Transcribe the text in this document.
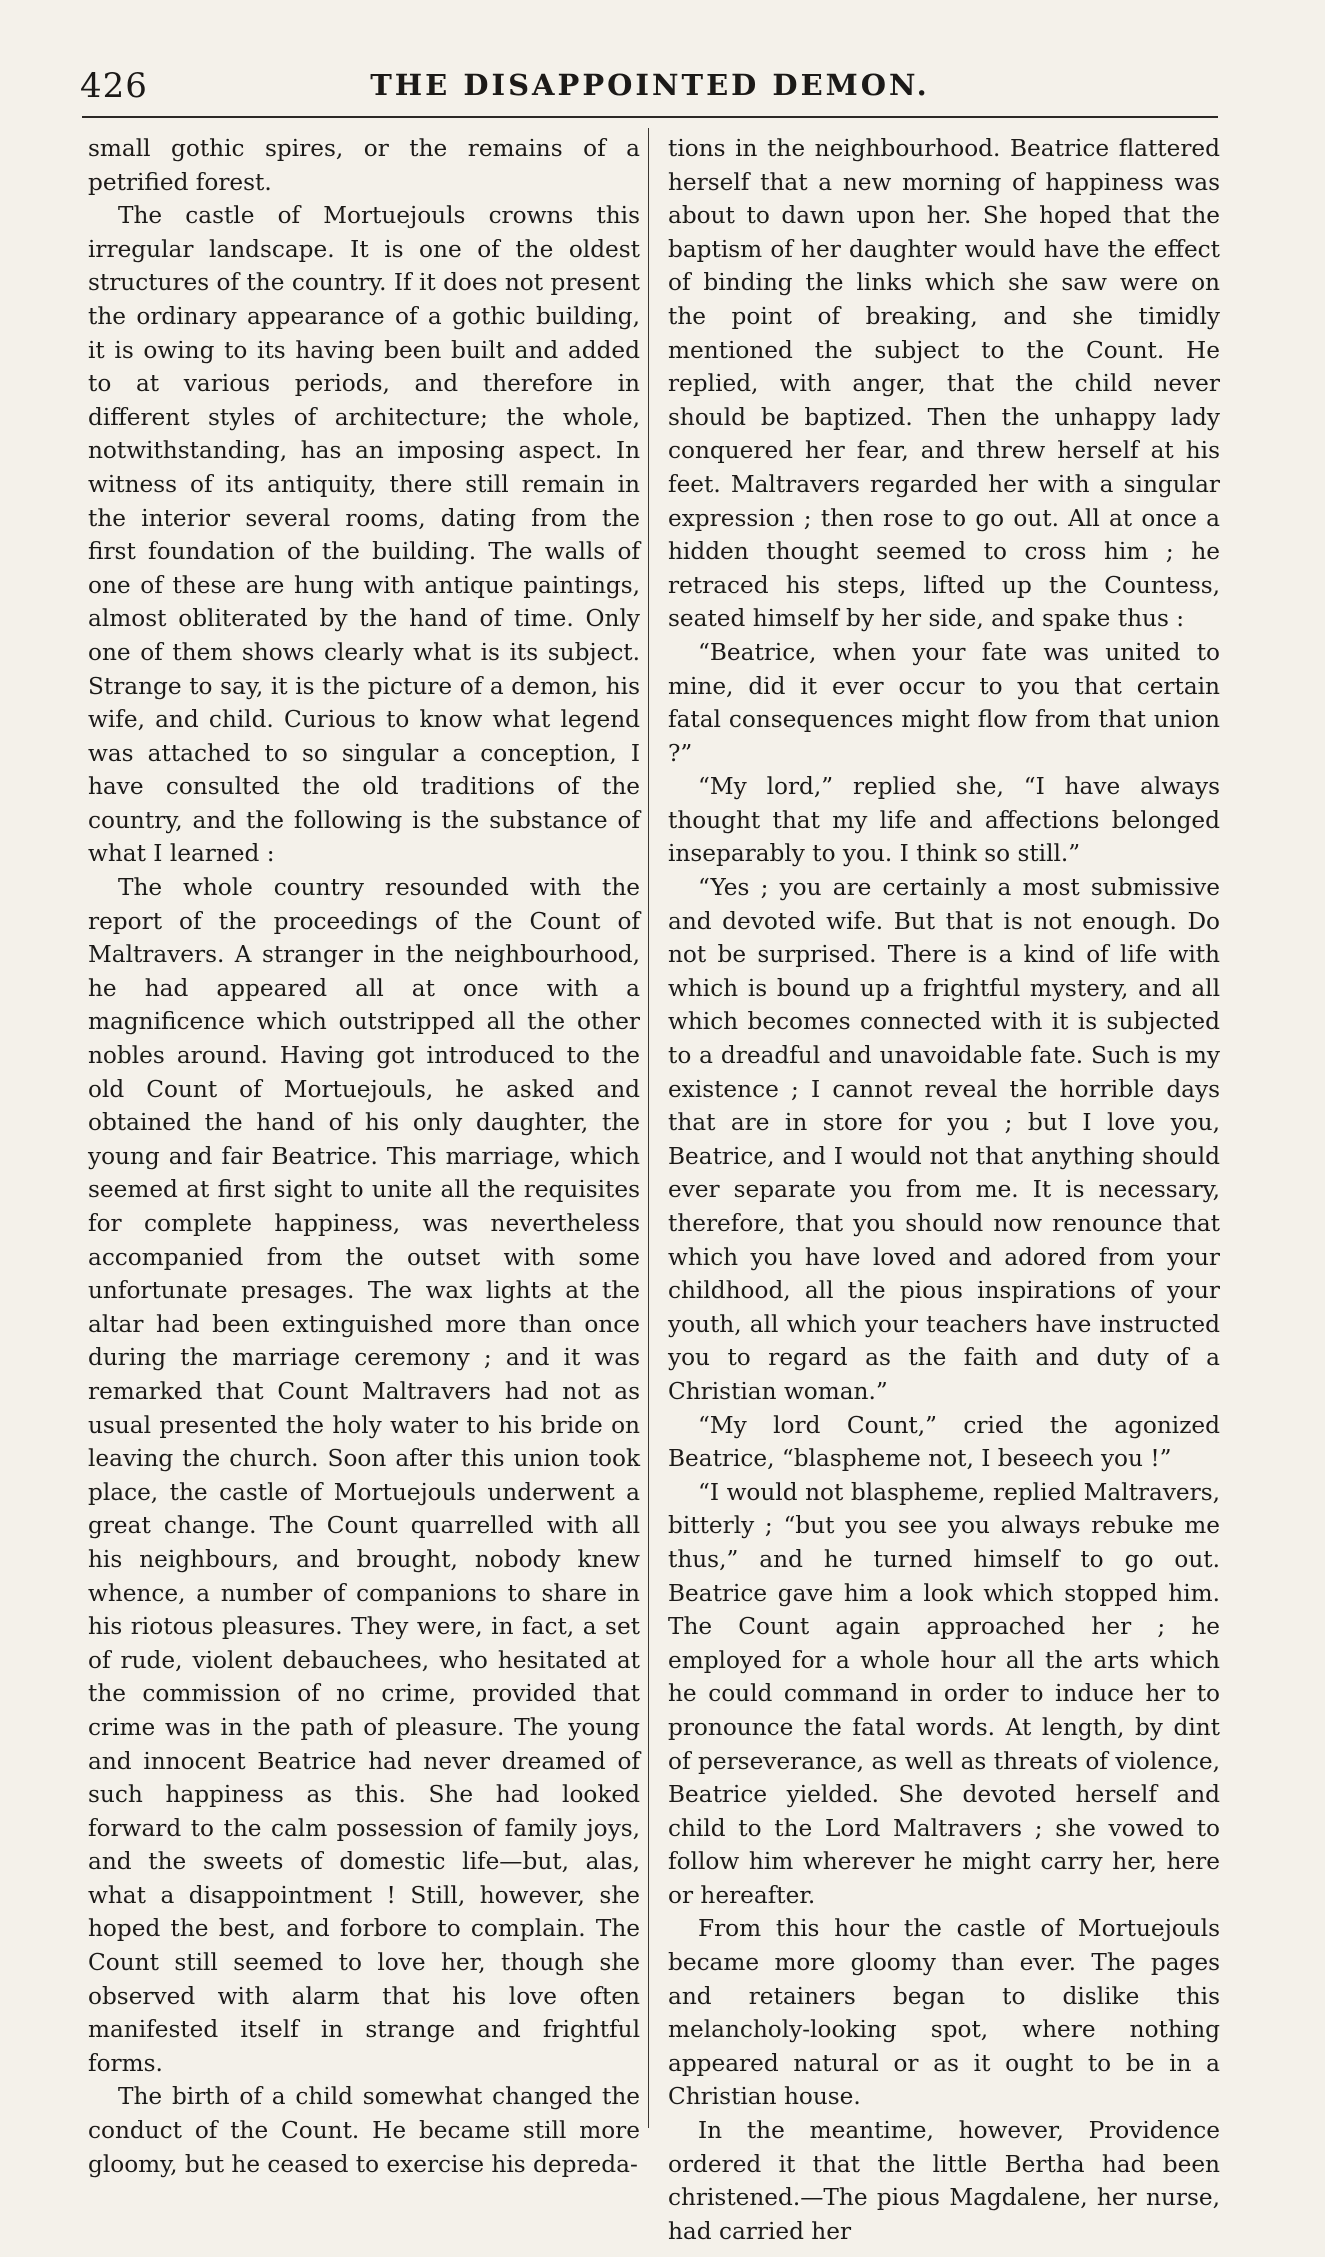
426	THE DISAPPOINTED DEMON.

small gothic spires, or the remains of a petrified forest.

The castle of Mortuejouls crowns this irregular landscape. It is one of the oldest structures of the country. If it does not present the ordinary appearance of a gothic building, it is owing to its having been built and added to at various periods, and therefore in different styles of architecture; the whole, notwithstanding, has an imposing aspect. In witness of its antiquity, there still remain in the interior several rooms, dating from the first foundation of the building. The walls of one of these are hung with antique paintings, almost obliterated by the hand of time. Only one of them shows clearly what is its subject. Strange to say, it is the picture of a demon, his wife, and child. Curious to know what legend was attached to so singular a conception, I have consulted the old traditions of the country, and the following is the substance of what I learned :

The whole country resounded with the report of the proceedings of the Count of Maltravers. A stranger in the neighbourhood, he had appeared all at once with a magnificence which outstripped all the other nobles around. Having got introduced to the old Count of Mortuejouls, he asked and obtained the hand of his only daughter, the young and fair Beatrice. This marriage, which seemed at first sight to unite all the requisites for complete happiness, was nevertheless accompanied from the outset with some unfortunate presages. The wax lights at the altar had been extinguished more than once during the marriage ceremony ; and it was remarked that Count Maltravers had not as usual presented the holy water to his bride on leaving the church. Soon after this union took place, the castle of Mortuejouls underwent a great change. The Count quarrelled with all his neighbours, and brought, nobody knew whence, a number of companions to share in his riotous pleasures. They were, in fact, a set of rude, violent debauchees, who hesitated at the commission of no crime, provided that crime was in the path of pleasure. The young and innocent Beatrice had never dreamed of such happiness as this. She had looked forward to the calm possession of family joys, and the sweets of domestic life—but, alas, what a disappointment ! Still, however, she hoped the best, and forbore to complain. The Count still seemed to love her, though she observed with alarm that his love often manifested itself in strange and frightful forms.

The birth of a child somewhat changed the conduct of the Count. He became still more gloomy, but he ceased to exercise his depreda-

tions in the neighbourhood. Beatrice flattered herself that a new morning of happiness was about to dawn upon her. She hoped that the baptism of her daughter would have the effect of binding the links which she saw were on the point of breaking, and she timidly mentioned the subject to the Count. He replied, with anger, that the child never should be baptized. Then the unhappy lady conquered her fear, and threw herself at his feet. Maltravers regarded her with a singular expression ; then rose to go out. All at once a hidden thought seemed to cross him ; he retraced his steps, lifted up the Countess, seated himself by her side, and spake thus :

“Beatrice, when your fate was united to mine, did it ever occur to you that certain fatal consequences might flow from that union ?”

“My lord,” replied she, “I have always thought that my life and affections belonged inseparably to you. I think so still.”

“Yes ; you are certainly a most submissive and devoted wife. But that is not enough. Do not be surprised. There is a kind of life with which is bound up a frightful mystery, and all which becomes connected with it is subjected to a dreadful and unavoidable fate. Such is my existence ; I cannot reveal the horrible days that are in store for you ; but I love you, Beatrice, and I would not that anything should ever separate you from me. It is necessary, therefore, that you should now renounce that which you have loved and adored from your childhood, all the pious inspirations of your youth, all which your teachers have instructed you to regard as the faith and duty of a Christian woman.”

“My lord Count,” cried the agonized Beatrice, “blaspheme not, I beseech you !”

“I would not blaspheme, replied Maltravers, bitterly ; “but you see you always rebuke me thus,” and he turned himself to go out. Beatrice gave him a look which stopped him. The Count again approached her ; he employed for a whole hour all the arts which he could command in order to induce her to pronounce the fatal words. At length, by dint of perseverance, as well as threats of violence, Beatrice yielded. She devoted herself and child to the Lord Maltravers ; she vowed to follow him wherever he might carry her, here or hereafter.

From this hour the castle of Mortuejouls became more gloomy than ever. The pages and retainers began to dislike this melancholy-looking spot, where nothing appeared natural or as it ought to be in a Christian house.

In the meantime, however, Providence ordered it that the little Bertha had been christened.—The pious Magdalene, her nurse, had carried her
